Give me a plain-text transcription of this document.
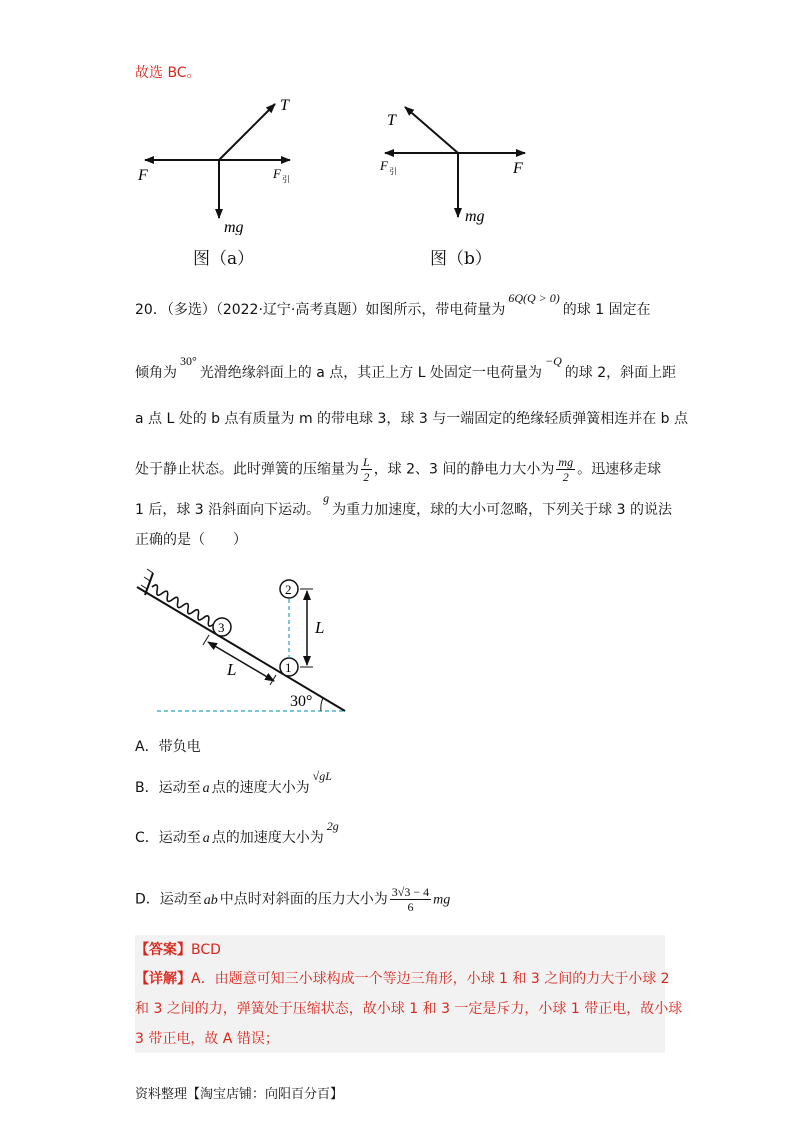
故选 BC。
T
F	F 引
mg
图（a）
T
F 引	F
mg
图（b）
20．（多选）（2022·辽宁·高考真题）如图所示，带电荷量为6Q(Q > 0)的球 1 固定在
倾角为30°光滑绝缘斜面上的 a 点，其正上方 L 处固定一电荷量为−Q的球 2，斜面上距
a 点 L 处的 b 点有质量为 m 的带电球 3，球 3 与一端固定的绝缘轻质弹簧相连并在 b 点
处于静止状态。此时弹簧的压缩量为 $\frac{L}{2}$ ，球 2、3 间的静电力大小为 $\frac{mg}{2}$ 。迅速移走球
1 后，球 3 沿斜面向下运动。g为重力加速度，球的大小可忽略，下列关于球 3 的说法
正确的是（　　）
3
1
2
L
L
30°
A．带负电
B．运动至 a 点的速度大小为√gL
C．运动至 a 点的加速度大小为2g
D．运动至 ab 中点时对斜面的压力大小为 $\frac{3√3 - 4}{6}$ mg
【答案】BCD
【详解】A．由题意可知三小球构成一个等边三角形，小球 1 和 3 之间的力大于小球 2
和 3 之间的力，弹簧处于压缩状态，故小球 1 和 3 一定是斥力，小球 1 带正电，故小球
3 带正电，故 A 错误；
资料整理【淘宝店铺：向阳百分百】
